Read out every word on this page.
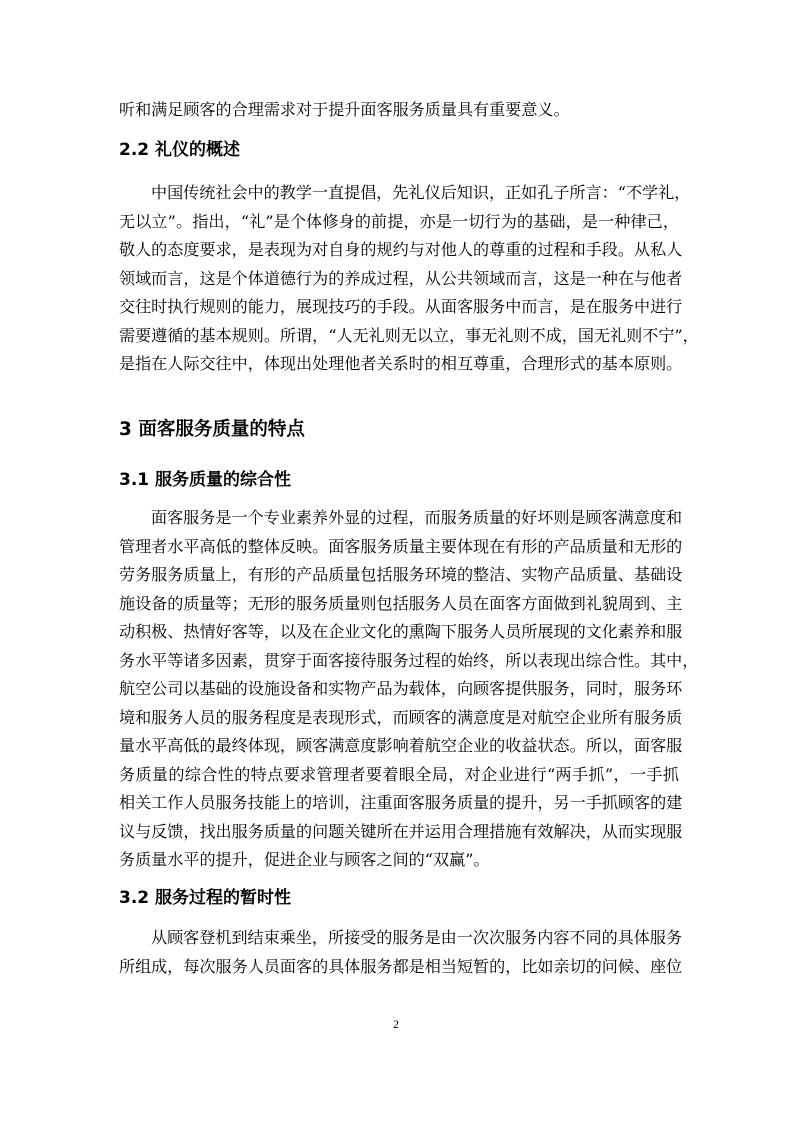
听和满足顾客的合理需求对于提升面客服务质量具有重要意义。

2.2 礼仪的概述

中国传统社会中的教学一直提倡，先礼仪后知识，正如孔子所言：“不学礼，

无以立”。指出，“礼”是个体修身的前提，亦是一切行为的基础，是一种律己，

敬人的态度要求，是表现为对自身的规约与对他人的尊重的过程和手段。从私人

领域而言，这是个体道德行为的养成过程，从公共领域而言，这是一种在与他者

交往时执行规则的能力，展现技巧的手段。从面客服务中而言，是在服务中进行

需要遵循的基本规则。所谓，“人无礼则无以立，事无礼则不成，国无礼则不宁”，

是指在人际交往中，体现出处理他者关系时的相互尊重，合理形式的基本原则。

3 面客服务质量的特点
3.1 服务质量的综合性

面客服务是一个专业素养外显的过程，而服务质量的好坏则是顾客满意度和

管理者水平高低的整体反映。面客服务质量主要体现在有形的产品质量和无形的

劳务服务质量上，有形的产品质量包括服务环境的整洁、实物产品质量、基础设

施设备的质量等；无形的服务质量则包括服务人员在面客方面做到礼貌周到、主

动积极、热情好客等，以及在企业文化的熏陶下服务人员所展现的文化素养和服

务水平等诸多因素，贯穿于面客接待服务过程的始终，所以表现出综合性。其中，

航空公司以基础的设施设备和实物产品为载体，向顾客提供服务，同时，服务环

境和服务人员的服务程度是表现形式，而顾客的满意度是对航空企业所有服务质

量水平高低的最终体现，顾客满意度影响着航空企业的收益状态。所以，面客服

务质量的综合性的特点要求管理者要着眼全局，对企业进行“两手抓”，一手抓

相关工作人员服务技能上的培训，注重面客服务质量的提升，另一手抓顾客的建

议与反馈，找出服务质量的问题关键所在并运用合理措施有效解决，从而实现服

务质量水平的提升，促进企业与顾客之间的“双赢”。

3.2 服务过程的暂时性

从顾客登机到结束乘坐，所接受的服务是由一次次服务内容不同的具体服务

所组成，每次服务人员面客的具体服务都是相当短暂的，比如亲切的问候、座位

2
